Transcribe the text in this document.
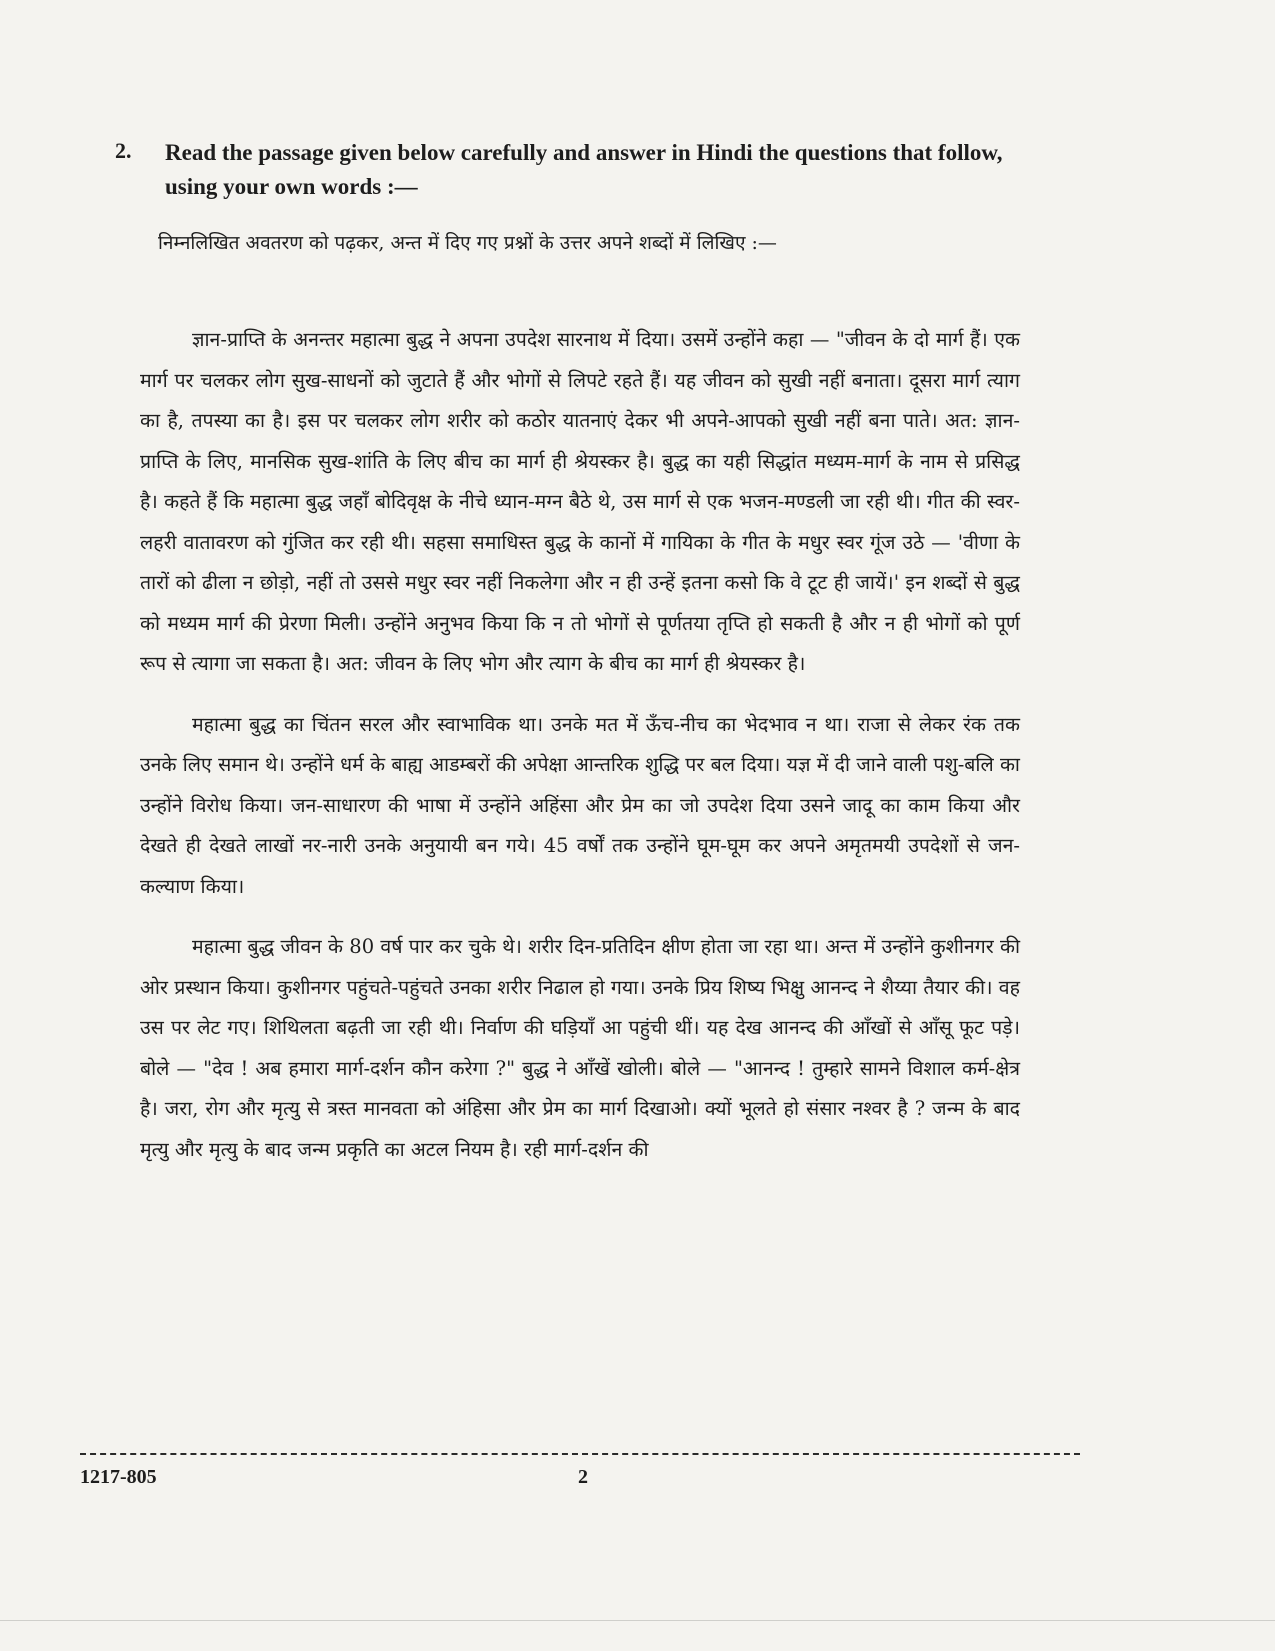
2. Read the passage given below carefully and answer in Hindi the questions that follow, using your own words :—
निम्नलिखित अवतरण को पढ़कर, अन्त में दिए गए प्रश्नों के उत्तर अपने शब्दों में लिखिए :—

ज्ञान-प्राप्ति के अनन्तर महात्मा बुद्ध ने अपना उपदेश सारनाथ में दिया। उसमें उन्होंने कहा — "जीवन के दो मार्ग हैं। एक मार्ग पर चलकर लोग सुख-साधनों को जुटाते हैं और भोगों से लिपटे रहते हैं। यह जीवन को सुखी नहीं बनाता। दूसरा मार्ग त्याग का है, तपस्या का है। इस पर चलकर लोग शरीर को कठोर यातनाएं देकर भी अपने-आपको सुखी नहीं बना पाते। अत: ज्ञान-प्राप्ति के लिए, मानसिक सुख-शांति के लिए बीच का मार्ग ही श्रेयस्कर है। बुद्ध का यही सिद्धांत मध्यम-मार्ग के नाम से प्रसिद्ध है। कहते हैं कि महात्मा बुद्ध जहाँ बोदिवृक्ष के नीचे ध्यान-मग्न बैठे थे, उस मार्ग से एक भजन-मण्डली जा रही थी। गीत की स्वर-लहरी वातावरण को गुंजित कर रही थी। सहसा समाधिस्त बुद्ध के कानों में गायिका के गीत के मधुर स्वर गूंज उठे — 'वीणा के तारों को ढीला न छोड़ो, नहीं तो उससे मधुर स्वर नहीं निकलेगा और न ही उन्हें इतना कसो कि वे टूट ही जायें।' इन शब्दों से बुद्ध को मध्यम मार्ग की प्रेरणा मिली। उन्होंने अनुभव किया कि न तो भोगों से पूर्णतया तृप्ति हो सकती है और न ही भोगों को पूर्ण रूप से त्यागा जा सकता है। अत: जीवन के लिए भोग और त्याग के बीच का मार्ग ही श्रेयस्कर है।

महात्मा बुद्ध का चिंतन सरल और स्वाभाविक था। उनके मत में ऊँच-नीच का भेदभाव न था। राजा से लेकर रंक तक उनके लिए समान थे। उन्होंने धर्म के बाह्य आडम्बरों की अपेक्षा आन्तरिक शुद्धि पर बल दिया। यज्ञ में दी जाने वाली पशु-बलि का उन्होंने विरोध किया। जन-साधारण की भाषा में उन्होंने अहिंसा और प्रेम का जो उपदेश दिया उसने जादू का काम किया और देखते ही देखते लाखों नर-नारी उनके अनुयायी बन गये। 45 वर्षों तक उन्होंने घूम-घूम कर अपने अमृतमयी उपदेशों से जन-कल्याण किया।

महात्मा बुद्ध जीवन के 80 वर्ष पार कर चुके थे। शरीर दिन-प्रतिदिन क्षीण होता जा रहा था। अन्त में उन्होंने कुशीनगर की ओर प्रस्थान किया। कुशीनगर पहुंचते-पहुंचते उनका शरीर निढाल हो गया। उनके प्रिय शिष्य भिक्षु आनन्द ने शैय्या तैयार की। वह उस पर लेट गए। शिथिलता बढ़ती जा रही थी। निर्वाण की घड़ियाँ आ पहुंची थीं। यह देख आनन्द की आँखों से आँसू फूट पड़े। बोले — "देव ! अब हमारा मार्ग-दर्शन कौन करेगा ?" बुद्ध ने आँखें खोली। बोले — "आनन्द ! तुम्हारे सामने विशाल कर्म-क्षेत्र है। जरा, रोग और मृत्यु से त्रस्त मानवता को अंहिसा और प्रेम का मार्ग दिखाओ। क्यों भूलते हो संसार नश्वर है ? जन्म के बाद मृत्यु और मृत्यु के बाद जन्म प्रकृति का अटल नियम है। रही मार्ग-दर्शन की

1217-805	2
